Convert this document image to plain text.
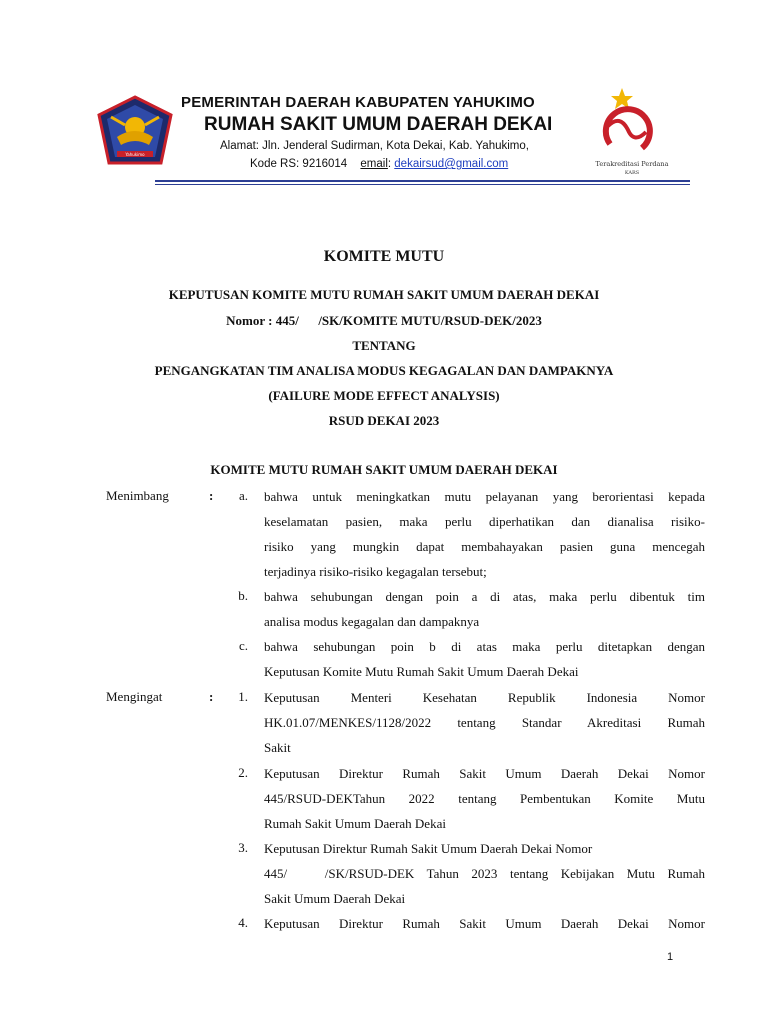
Yahukimo
PEMERINTAH DAERAH KABUPATEN YAHUKIMO
RUMAH SAKIT UMUM DAERAH DEKAI
Alamat: Jln. Jenderal Sudirman, Kota Dekai, Kab. Yahukimo,
Kode RS: 9216014 email: dekairsud@gmail.com	Terakreditasi Perdana
KARS
KOMITE MUTU
KEPUTUSAN KOMITE MUTU RUMAH SAKIT UMUM DAERAH DEKAI
Nomor : 445/      /SK/KOMITE MUTU/RSUD-DEK/2023
TENTANG
PENGANGKATAN TIM ANALISA MODUS KEGAGALAN DAN DAMPAKNYA
(FAILURE MODE EFFECT ANALYSIS)
RSUD DEKAI 2023
KOMITE MUTU RUMAH SAKIT UMUM DAERAH DEKAI
Menimbang	:	a. bahwa untuk meningkatkan mutu pelayanan yang berorientasi kepada
keselamatan pasien, maka perlu diperhatikan dan dianalisa risiko-
risiko yang mungkin dapat membahayakan pasien guna mencegah
terjadinya risiko-risiko kegagalan tersebut;
b. bahwa sehubungan dengan poin a di atas, maka perlu dibentuk tim
analisa modus kegagalan dan dampaknya
c. bahwa sehubungan poin b di atas maka perlu ditetapkan dengan
Keputusan Komite Mutu Rumah Sakit Umum Daerah Dekai
Mengingat	:	1. Keputusan Menteri Kesehatan Republik Indonesia Nomor
HK.01.07/MENKES/1128/2022 tentang Standar Akreditasi Rumah
Sakit
2. Keputusan Direktur Rumah Sakit Umum Daerah Dekai Nomor
445/RSUD-DEKTahun 2022 tentang Pembentukan Komite Mutu
Rumah Sakit Umum Daerah Dekai
3. Keputusan Direktur Rumah Sakit Umum Daerah Dekai Nomor
445/   /SK/RSUD-DEK Tahun 2023 tentang Kebijakan Mutu Rumah
Sakit Umum Daerah Dekai
4. Keputusan Direktur Rumah Sakit Umum Daerah Dekai Nomor
1
